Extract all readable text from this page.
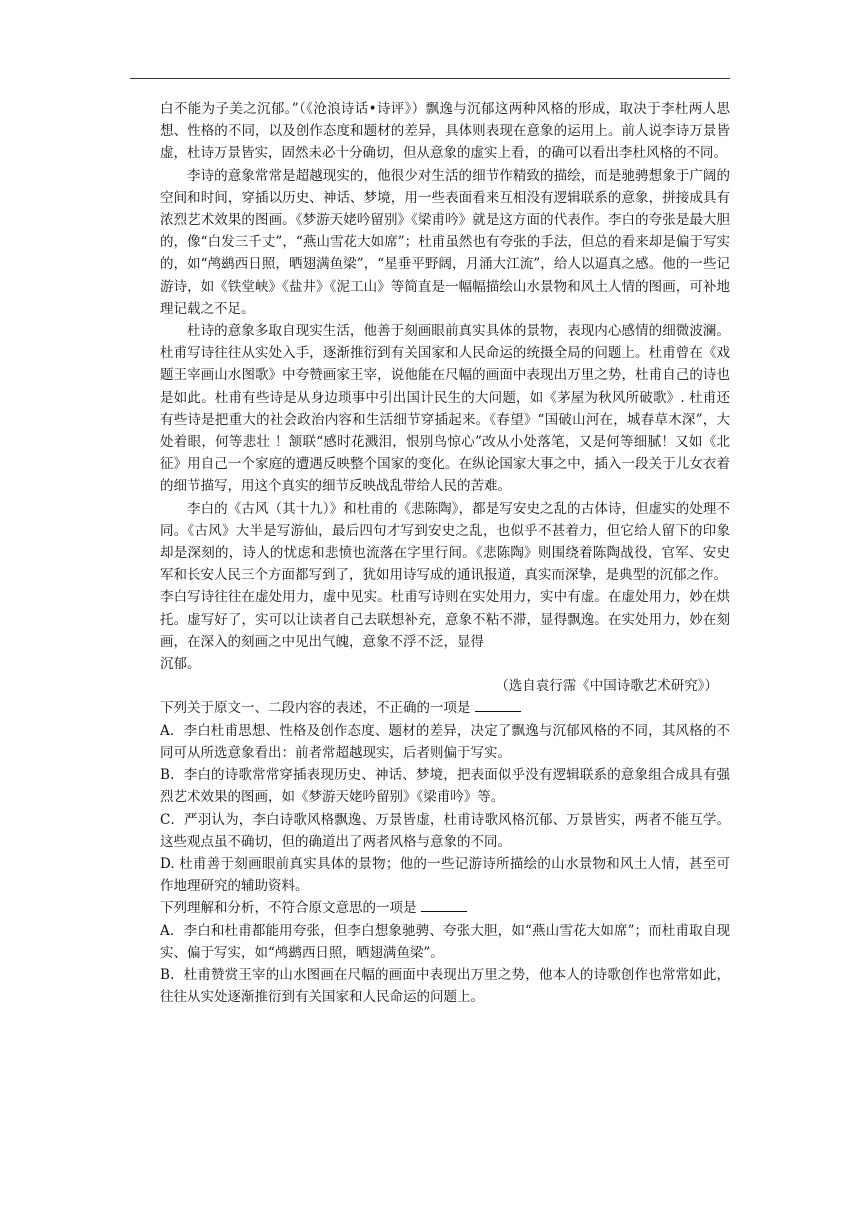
白不能为子美之沉郁。”（《沧浪诗话•诗评》）飘逸与沉郁这两种风格的形成，取决于李杜两人思想、性格的不同，以及创作态度和题材的差异，具体则表现在意象的运用上。前人说李诗万景皆虚，杜诗万景皆实，固然未必十分确切，但从意象的虚实上看，的确可以看出李杜风格的不同。

李诗的意象常常是超越现实的，他很少对生活的细节作精致的描绘，而是驰骋想象于广阔的空间和时间，穿插以历史、神话、梦境，用一些表面看来互相没有逻辑联系的意象，拼接成具有浓烈艺术效果的图画。《梦游天姥吟留别》《梁甫吟》就是这方面的代表作。李白的夸张是最大胆的，像“白发三千丈”，“燕山雪花大如席”；杜甫虽然也有夸张的手法，但总的看来却是偏于写实的，如“鸬鹚西日照，晒翅满鱼梁”，“星垂平野阔，月涌大江流”，给人以逼真之感。他的一些记游诗，如《铁堂峡》《盐井》《泥工山》等简直是一幅幅描绘山水景物和风土人情的图画，可补地理记载之不足。

杜诗的意象多取自现实生活，他善于刻画眼前真实具体的景物，表现内心感情的细微波澜。杜甫写诗往往从实处入手，逐渐推衍到有关国家和人民命运的统摄全局的问题上。杜甫曾在《戏题王宰画山水图歌》中夸赞画家王宰，说他能在尺幅的画面中表现出万里之势，杜甫自己的诗也是如此。杜甫有些诗是从身边琐事中引出国计民生的大问题，如《茅屋为秋风所破歌》. 杜甫还有些诗是把重大的社会政治内容和生活细节穿插起来。《春望》“国破山河在，城春草木深”，大处着眼，何等悲壮 ！颔联“感时花溅泪，恨别鸟惊心”改从小处落笔，又是何等细腻！又如《北征》用自己一个家庭的遭遇反映整个国家的变化。在纵论国家大事之中，插入一段关于儿女衣着的细节描写，用这个真实的细节反映战乱带给人民的苦难。

李白的《古风（其十九）》和杜甫的《悲陈陶》，都是写安史之乱的古体诗，但虚实的处理不同。《古风》大半是写游仙，最后四句才写到安史之乱，也似乎不甚着力，但它给人留下的印象却是深刻的，诗人的忧虑和悲愤也流落在字里行间。《悲陈陶》则围绕着陈陶战役，官军、安史军和长安人民三个方面都写到了，犹如用诗写成的通讯报道，真实而深挚，是典型的沉郁之作。

李白写诗往往在虚处用力，虚中见实。杜甫写诗则在实处用力，实中有虚。在虚处用力，妙在烘托。虚写好了，实可以让读者自己去联想补充，意象不粘不滞，显得飘逸。在实处用力，妙在刻画，在深入的刻画之中见出气魄，意象不浮不泛，显得

沉郁。

（选自袁行霈《中国诗歌艺术研究》）

下列关于原文一、二段内容的表述，不正确的一项是

A．李白杜甫思想、性格及创作态度、题材的差异，决定了飘逸与沉郁风格的不同，其风格的不同可从所选意象看出：前者常超越现实，后者则偏于写实。

B．李白的诗歌常常穿插表现历史、神话、梦境，把表面似乎没有逻辑联系的意象组合成具有强烈艺术效果的图画，如《梦游天姥吟留别》《梁甫吟》等。

C．严羽认为，李白诗歌风格飘逸、万景皆虚，杜甫诗歌风格沉郁、万景皆实，两者不能互学。这些观点虽不确切，但的确道出了两者风格与意象的不同。

D. 杜甫善于刻画眼前真实具体的景物；他的一些记游诗所描绘的山水景物和风土人情，甚至可作地理研究的辅助资料。

下列理解和分析，不符合原文意思的一项是

A．李白和杜甫都能用夸张，但李白想象驰骋、夸张大胆，如“燕山雪花大如席”；而杜甫取自现实、偏于写实，如“鸬鹚西日照，晒翅满鱼梁”。

B．杜甫赞赏王宰的山水图画在尺幅的画面中表现出万里之势，他本人的诗歌创作也常常如此，往往从实处逐渐推衍到有关国家和人民命运的问题上。
